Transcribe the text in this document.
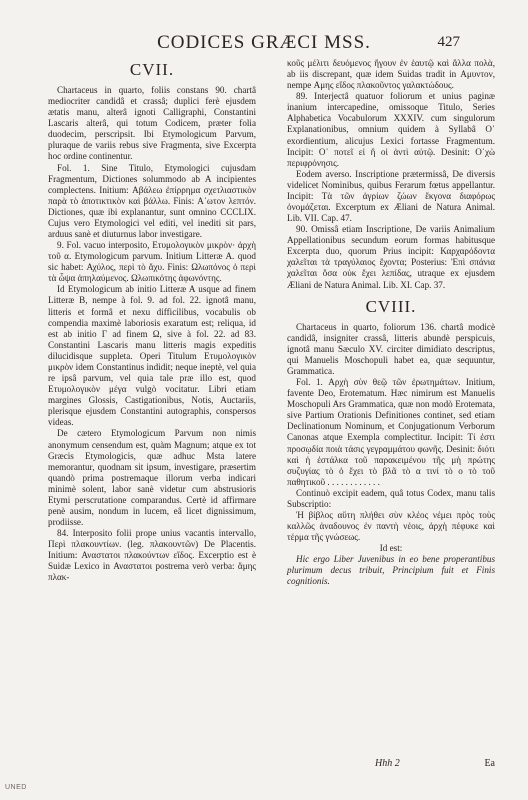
CODICES GRÆCI MSS.	427
CVII.

Chartaceus in quarto, foliis constans 90. chartâ mediocriter candidâ et crassâ; duplici ferè ejusdem ætatis manu, alterâ ignoti Calligraphi, Constantini Lascaris alterâ, qui totum Codicem, præter folia duodecim, perscripsit. Ibi Etymologicum Parvum, pluraque de variis rebus sive Fragmenta, sive Excerpta hoc ordine continentur.

Fol. 1. Sine Titulo, Etymologici cujusdam Fragmentum, Dictiones solummodo ab A incipientes complectens. Initium: Αβάλεω ἐπίρρημα σχετλιαστικὸν παρὰ τὸ ἀποτικτικὸν καὶ βάλλω. Finis: Α᾽ωτον λεπτόν. Dictiones, quæ ibi explanantur, sunt omnino CCCLIX. Cujus vero Etymologici vel editi, vel inediti sit pars, arduus sanè et diuturnus labor investigare.

9. Fol. vacuo interposito, Ετυμολογικὸν μικρὸν· ἀρχὴ τοῦ α. Etymologicum parvum. Initium Litteræ A. quod sic habet: Αχύλος, περὶ τὸ ἄχυ. Finis: Ωλωπόνος ὁ περὶ τὰ ὦψα ἀπηλαύμενος. Ωλωπικότης ἀφωνόντης.

Id Etymologicum ab initio Litteræ A usque ad finem Litteræ B, nempe à fol. 9. ad fol. 22. ignotâ manu, litteris et formâ et nexu difficilibus, vocabulis ob compendia maximè laboriosis exaratum est; reliqua, id est ab initio Γ ad finem Ω, sive à fol. 22. ad 83. Constantini Lascaris manu litteris magis expeditis dilucidisque suppleta. Operi Titulum Ετυμολογικὸν μικρὸν idem Constantinus indidit; neque ineptè, vel quia re ipsâ parvum, vel quia tale præ illo est, quod Ετυμολογικὸν μέγα vulgò vocitatur. Libri etiam margines Glossis, Castigationibus, Notis, Auctariis, plerisque ejusdem Constantini autographis, conspersos videas.

De cætero Etymologicum Parvum non nimis anonymum censendum est, quàm Magnum; atque ex tot Græcis Etymologicis, quæ adhuc Msta latere memorantur, quodnam sit ipsum, investigare, præsertim quandò prima postremaque illorum verba indicari minimè solent, labor sanè videtur cum abstrusioris Etymi perscrutatione comparandus. Certè id affirmare penè ausim, nondum in lucem, eâ licet dignissimum, prodiisse.

84. Interposito folii prope unius vacantis intervallo, Περὶ πλακουντίων. (leg. πλακουντῶν) De Placentis. Initium: Αναστατοι πλακούντων εἴδος. Excerptio est è Suidæ Lexico in Αναστατοι postrema verò verba: ἄμης πλακ-

κοῦς μέλιτι δευόμενος ἤγουν ἐν ἑαυτῷ καὶ ἄλλα πολὰ, ab iis discrepant, quæ idem Suidas tradit in Αμυντον, nempe Αμης εἴδος πλακοῦντος γαλακτώδους.

89. Interjectâ quatuor foliorum et unius paginæ inanium intercapedine, omissoque Titulo, Series Alphabetica Vocabulorum XXXIV. cum singulorum Explanationibus, omnium quidem à Syllabâ Ο᾽ exordientium, alicujus Lexici fortasse Fragmentum. Incipit: Ο᾽ ποτεῖ εἰ ἢ οἱ ἀντὶ αὐτῷ. Desinit: Ο᾽χὼ περιφρόνησις.

Eodem averso. Inscriptione prætermissâ, De diversis videlicet Nominibus, quibus Ferarum fœtus appellantur. Incipit: Τὰ τῶν ἀγρίων ζώων ἔκγονα διαφόρως ὀνομάζεται. Excerptum ex Æliani de Natura Animal. Lib. VII. Cap. 47.

90. Omissâ etiam Inscriptione, De variis Animalium Appellationibus secundum eorum formas habitusque Excerpta duo, quorum Prius incipit: Καρχαρόδοντα χαλεῖται τὰ τραγύλαιος ἔχοντα; Posterius: Ἐπὶ σπάνια χαλεῖται ὅσα οὐκ ἔχει λεπίδας, utraque ex ejusdem Æliani de Natura Animal. Lib. XI. Cap. 37.

CVIII.

Chartaceus in quarto, foliorum 136. chartâ modicè candidâ, insigniter crassâ, litteris abundè perspicuis, ignotâ manu Sæculo XV. circiter dimidiato descriptus, qui Manuelis Moschopuli habet ea, quæ sequuntur, Grammatica.

Fol. 1. Αρχὴ σὺν θεῷ τῶν ἐρωτημάτων. Initium, favente Deo, Erotematum. Hæc nimirum est Manuelis Moschopuli Ars Grammatica, quæ non modò Erotemata, sive Partium Orationis Definitiones continet, sed etiam Declinationum Nominum, et Conjugationum Verborum Canonas atque Exempla complectitur. Incipit: Τί ἐστι προσῳδία ποιὰ τάσις γεγραμμάτου φωνῆς. Desinit: διότι καὶ ἡ ἐστάλκα τοῦ παρακειμένου τῆς μὴ πρώτης συζυγίας τὸ ὁ ἔχει τὸ βλᾶ τὸ α τινί τὸ ο τὸ τοῦ παθητικοῦ . . . . . . . . . . . .

Continuò excipit eadem, quâ totus Codex, manu talis Subscriptio:

Ἡ βίβλος αὕτη πλήθει σὺν κλέος νέμει πρὸς τοὺς καλλῶς ἀναδουνος ἐν παντὴ νέοις, ἀρχὴ πέφυκε καὶ τέρμα τῆς γνώσεως.

Id est:

Hic ergo Liber Juvenibus in eo bene properantibus plurimum decus tribuit, Principium fuit et Finis cognitionis.

Hhh 2	Ea
UNED
